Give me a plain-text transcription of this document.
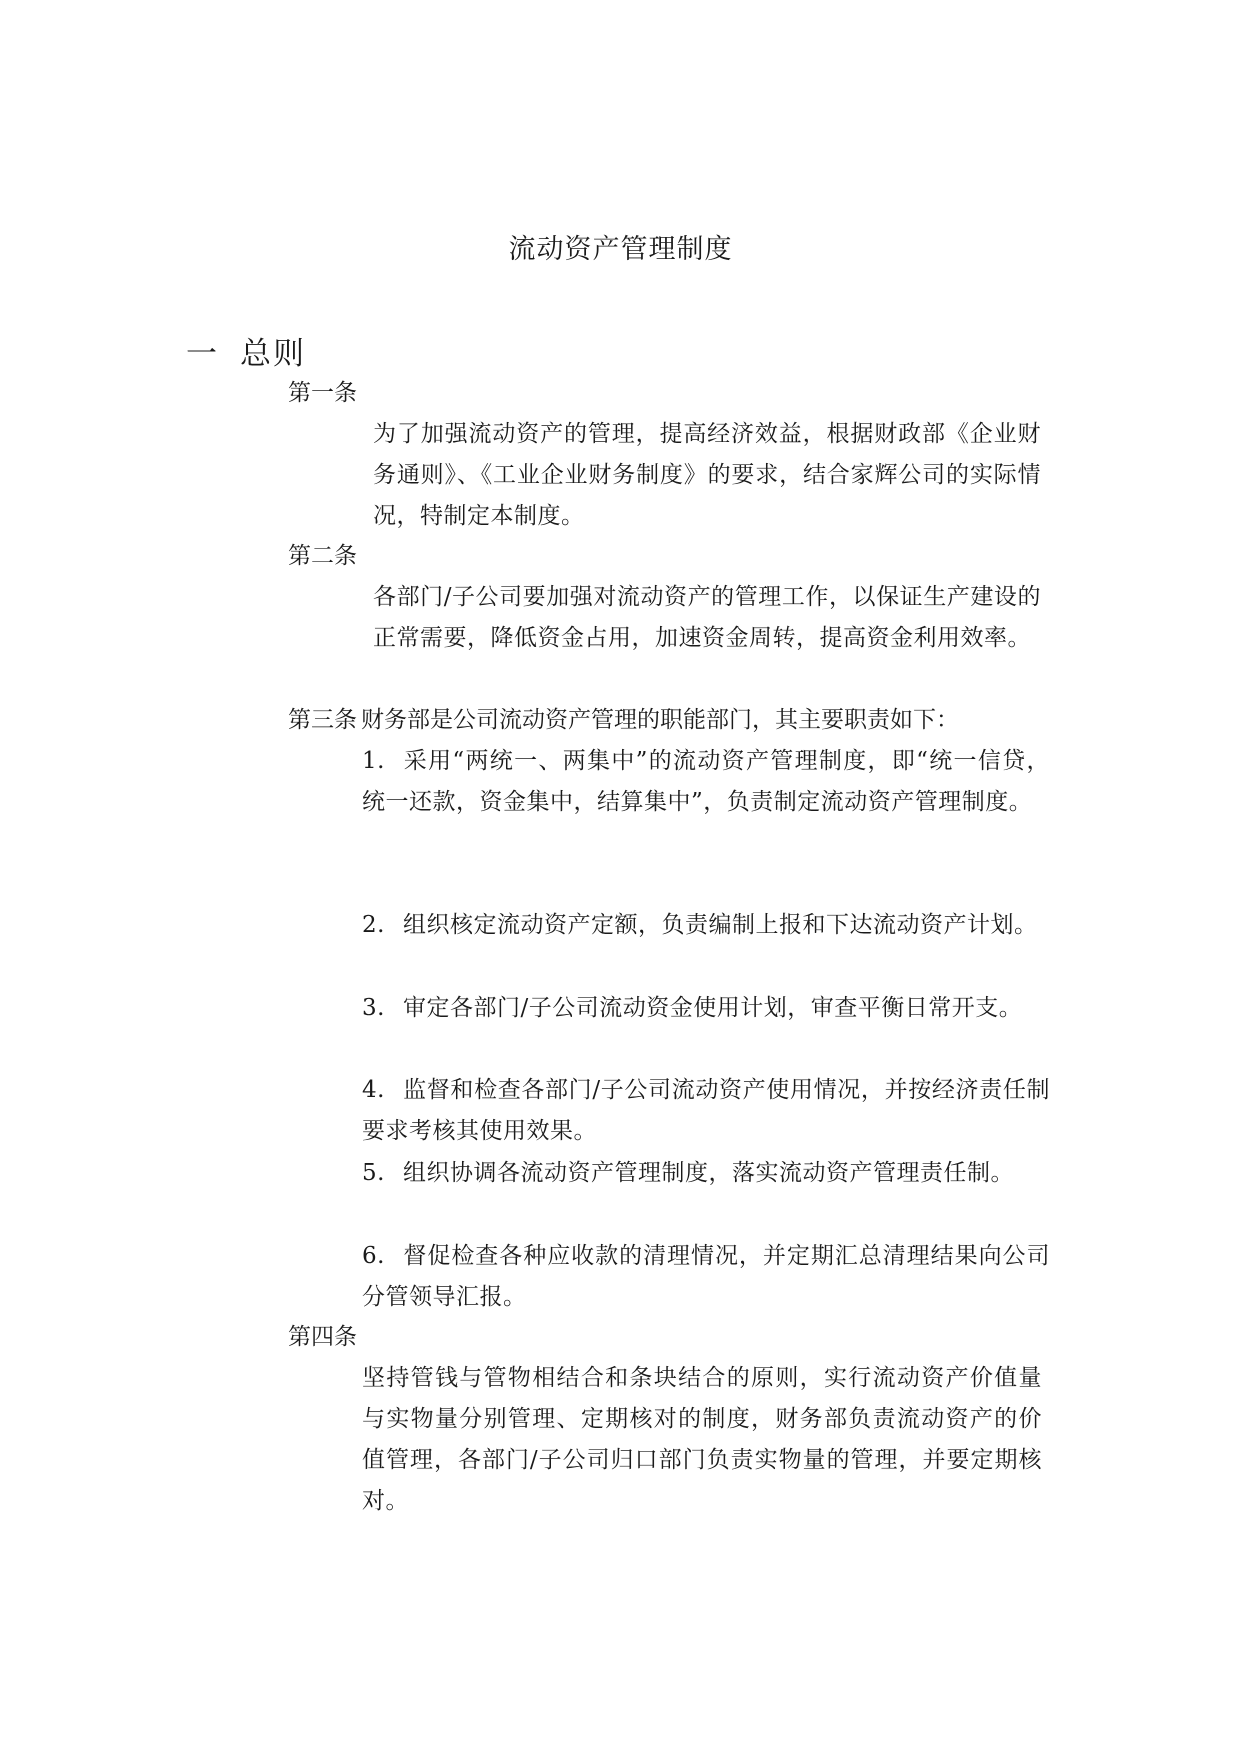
流动资产管理制度
一 总则

第一条

为了加强流动资产的管理，提高经济效益，根据财政部《企业财务通则》、《工业企业财务制度》的要求，结合家辉公司的实际情况，特制定本制度。

第二条

各部门/子公司要加强对流动资产的管理工作，以保证生产建设的正常需要，降低资金占用，加速资金周转，提高资金利用效率。

第三条 财务部是公司流动资产管理的职能部门，其主要职责如下：

1. 采用“两统一、两集中”的流动资产管理制度，即“统一信贷，统一还款，资金集中，结算集中”，负责制定流动资产管理制度。

2. 组织核定流动资产定额，负责编制上报和下达流动资产计划。

3. 审定各部门/子公司流动资金使用计划，审查平衡日常开支。

4. 监督和检查各部门/子公司流动资产使用情况，并按经济责任制要求考核其使用效果。

5. 组织协调各流动资产管理制度，落实流动资产管理责任制。

6. 督促检查各种应收款的清理情况，并定期汇总清理结果向公司分管领导汇报。

第四条

坚持管钱与管物相结合和条块结合的原则，实行流动资产价值量与实物量分别管理、定期核对的制度，财务部负责流动资产的价值管理，各部门/子公司归口部门负责实物量的管理，并要定期核对。
